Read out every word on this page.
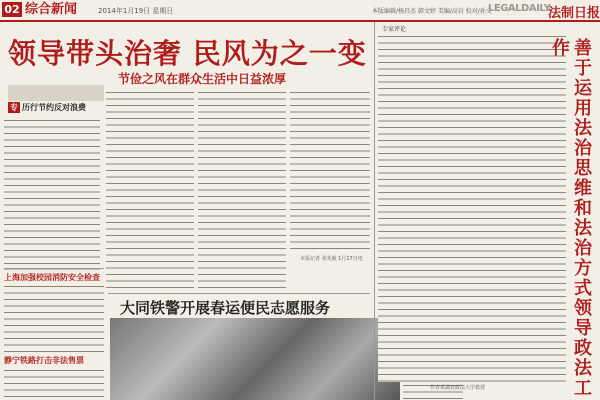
02 综合新闻	2014年1月19日 星期日	本版编辑/杨昌杰 韩文婷 美编/高岩 校对/孙文
LEGALDAILY
法制日报
领导带头治奢 民风为之一变
节俭之风在群众生活中日益浓厚
专 历行节约反对浪费
本报记者 张兆敏 1月17日电
上海加强校园消防安全检查
静宁铁路打击非法售票
大同铁警开展春运便民志愿服务
专家评论
善于运用法治思维和法治方式领导政法工作
作者系湖北政法大学教授
